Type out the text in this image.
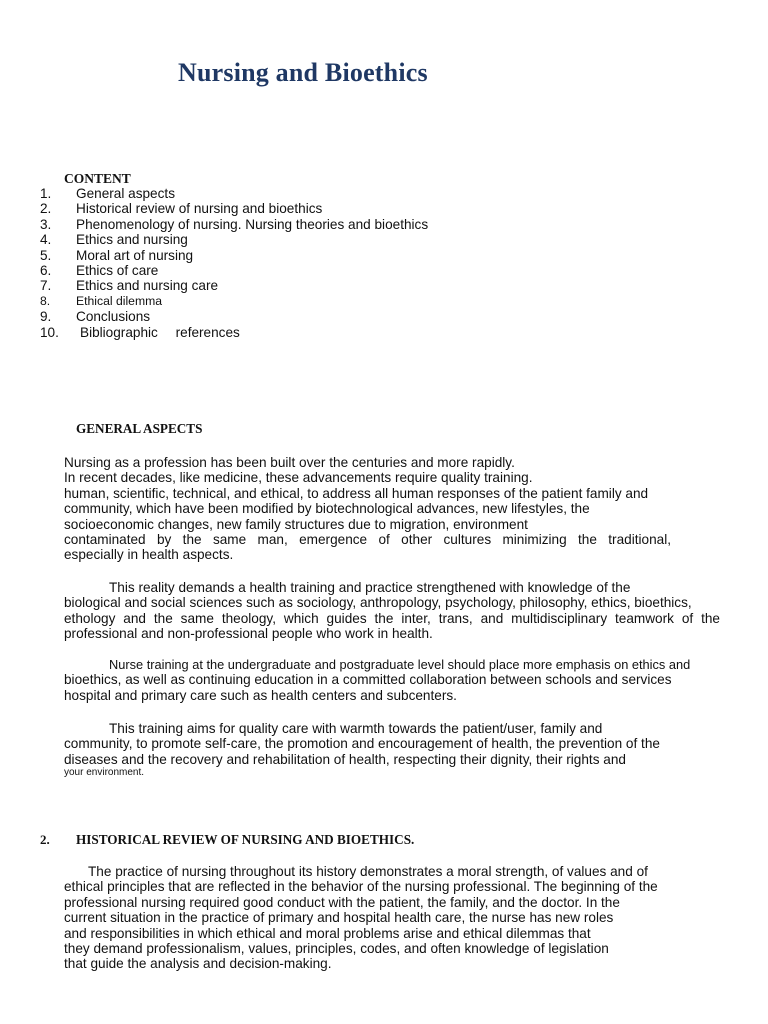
Nursing and Bioethics
CONTENT
1. General aspects
2. Historical review of nursing and bioethics
3. Phenomenology of nursing. Nursing theories and bioethics
4. Ethics and nursing
5. Moral art of nursing
6. Ethics of care
7. Ethics and nursing care
8. Ethical dilemma
9. Conclusions
10. Bibliographic references
GENERAL ASPECTS
Nursing as a profession has been built over the centuries and more rapidly.
In recent decades, like medicine, these advancements require quality training.
human, scientific, technical, and ethical, to address all human responses of the patient family and
community, which have been modified by biotechnological advances, new lifestyles, the
socioeconomic changes, new family structures due to migration, environment
contaminated by the same man, emergence of other cultures minimizing the traditional,
especially in health aspects.
This reality demands a health training and practice strengthened with knowledge of the
biological and social sciences such as sociology, anthropology, psychology, philosophy, ethics, bioethics,
ethology and the same theology, which guides the inter, trans, and multidisciplinary teamwork of the
professional and non-professional people who work in health.
Nurse training at the undergraduate and postgraduate level should place more emphasis on ethics and
bioethics, as well as continuing education in a committed collaboration between schools and services
hospital and primary care such as health centers and subcenters.
This training aims for quality care with warmth towards the patient/user, family and
community, to promote self-care, the promotion and encouragement of health, the prevention of the
diseases and the recovery and rehabilitation of health, respecting their dignity, their rights and
your environment.
2. HISTORICAL REVIEW OF NURSING AND BIOETHICS.
The practice of nursing throughout its history demonstrates a moral strength, of values and of
ethical principles that are reflected in the behavior of the nursing professional. The beginning of the
professional nursing required good conduct with the patient, the family, and the doctor. In the
current situation in the practice of primary and hospital health care, the nurse has new roles
and responsibilities in which ethical and moral problems arise and ethical dilemmas that
they demand professionalism, values, principles, codes, and often knowledge of legislation
that guide the analysis and decision-making.
